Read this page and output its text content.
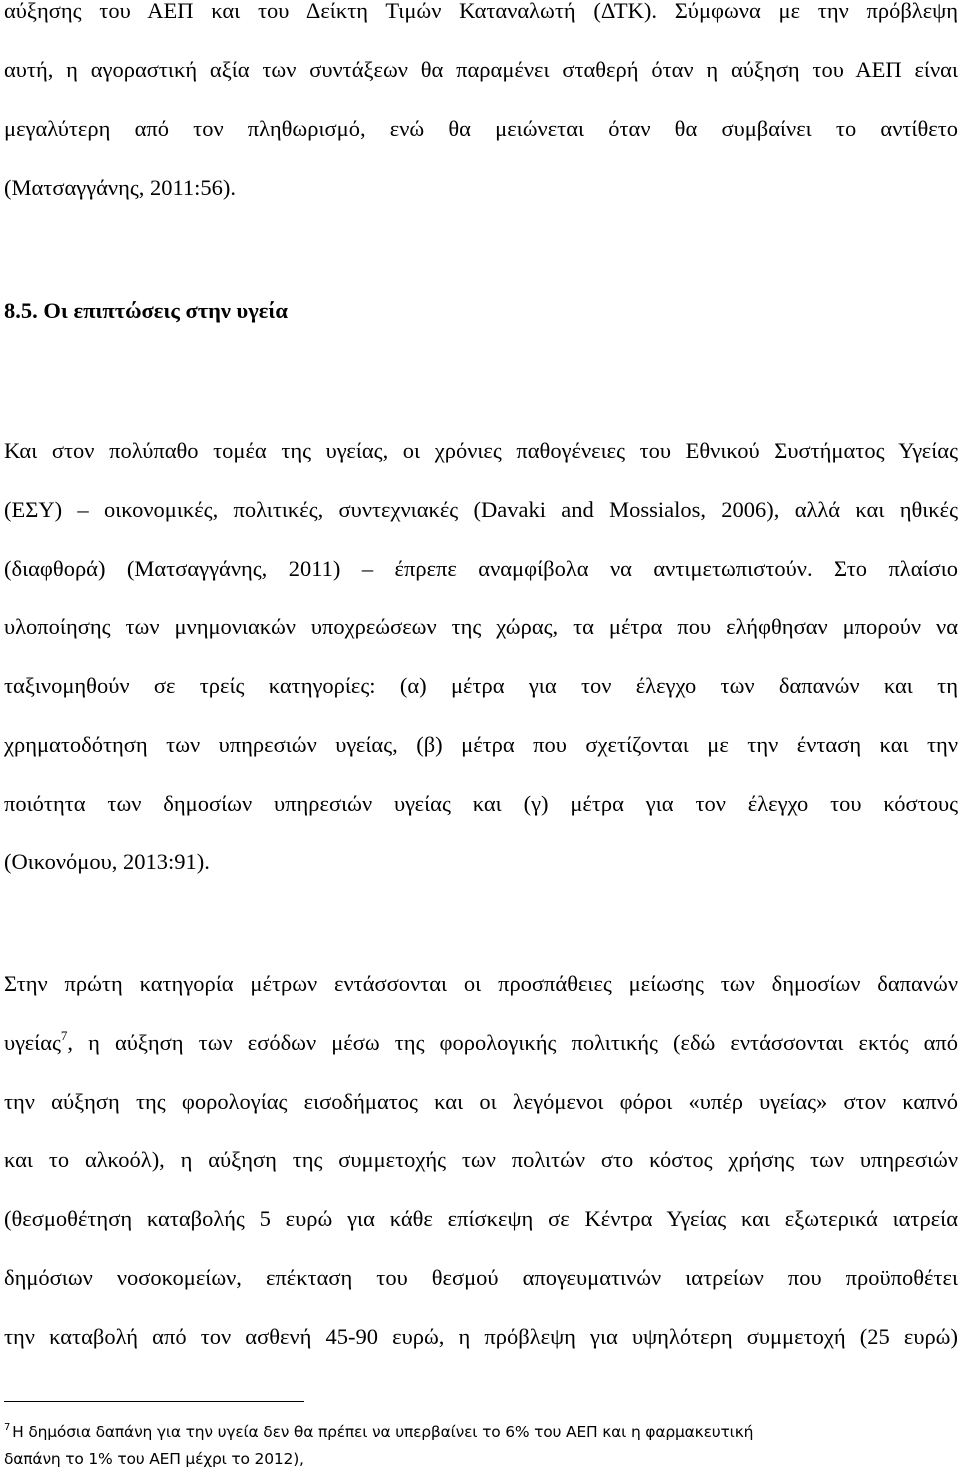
αύξησης του ΑΕΠ και του Δείκτη Τιμών Καταναλωτή (ΔΤΚ). Σύμφωνα με την πρόβλεψη
αυτή, η αγοραστική αξία των συντάξεων θα παραμένει σταθερή όταν η αύξηση του ΑΕΠ είναι
μεγαλύτερη από τον πληθωρισμό, ενώ θα μειώνεται όταν θα συμβαίνει το αντίθετο
(Ματσαγγάνης, 2011:56).
8.5. Οι επιπτώσεις στην υγεία
Και στον πολύπαθο τομέα της υγείας, οι χρόνιες παθογένειες του Εθνικού Συστήματος Υγείας
(ΕΣΥ) – οικονομικές, πολιτικές, συντεχνιακές (Davaki and Mossialos, 2006), αλλά και ηθικές
(διαφθορά) (Ματσαγγάνης, 2011) – έπρεπε αναμφίβολα να αντιμετωπιστούν. Στο πλαίσιο
υλοποίησης των μνημονιακών υποχρεώσεων της χώρας, τα μέτρα που ελήφθησαν μπορούν να
ταξινομηθούν σε τρείς κατηγορίες: (α) μέτρα για τον έλεγχο των δαπανών και τη
χρηματοδότηση των υπηρεσιών υγείας, (β) μέτρα που σχετίζονται με την ένταση και την
ποιότητα των δημοσίων υπηρεσιών υγείας και (γ) μέτρα για τον έλεγχο του κόστους
(Οικονόμου, 2013:91).
Στην πρώτη κατηγορία μέτρων εντάσσονται οι προσπάθειες μείωσης των δημοσίων δαπανών
υγείας$^7$, η αύξηση των εσόδων μέσω της φορολογικής πολιτικής (εδώ εντάσσονται εκτός από
την αύξηση της φορολογίας εισοδήματος και οι λεγόμενοι φόροι «υπέρ υγείας» στον καπνό
και το αλκοόλ), η αύξηση της συμμετοχής των πολιτών στο κόστος χρήσης των υπηρεσιών
(θεσμοθέτηση καταβολής 5 ευρώ για κάθε επίσκεψη σε Κέντρα Υγείας και εξωτερικά ιατρεία
δημόσιων νοσοκομείων, επέκταση του θεσμού απογευματινών ιατρείων που προϋποθέτει
την καταβολή από τον ασθενή 45-90 ευρώ, η πρόβλεψη για υψηλότερη συμμετοχή (25 ευρώ)
$^7$ Η δημόσια δαπάνη για την υγεία δεν θα πρέπει να υπερβαίνει το 6% του ΑΕΠ και η φαρμακευτική
δαπάνη το 1% του ΑΕΠ μέχρι το 2012),
